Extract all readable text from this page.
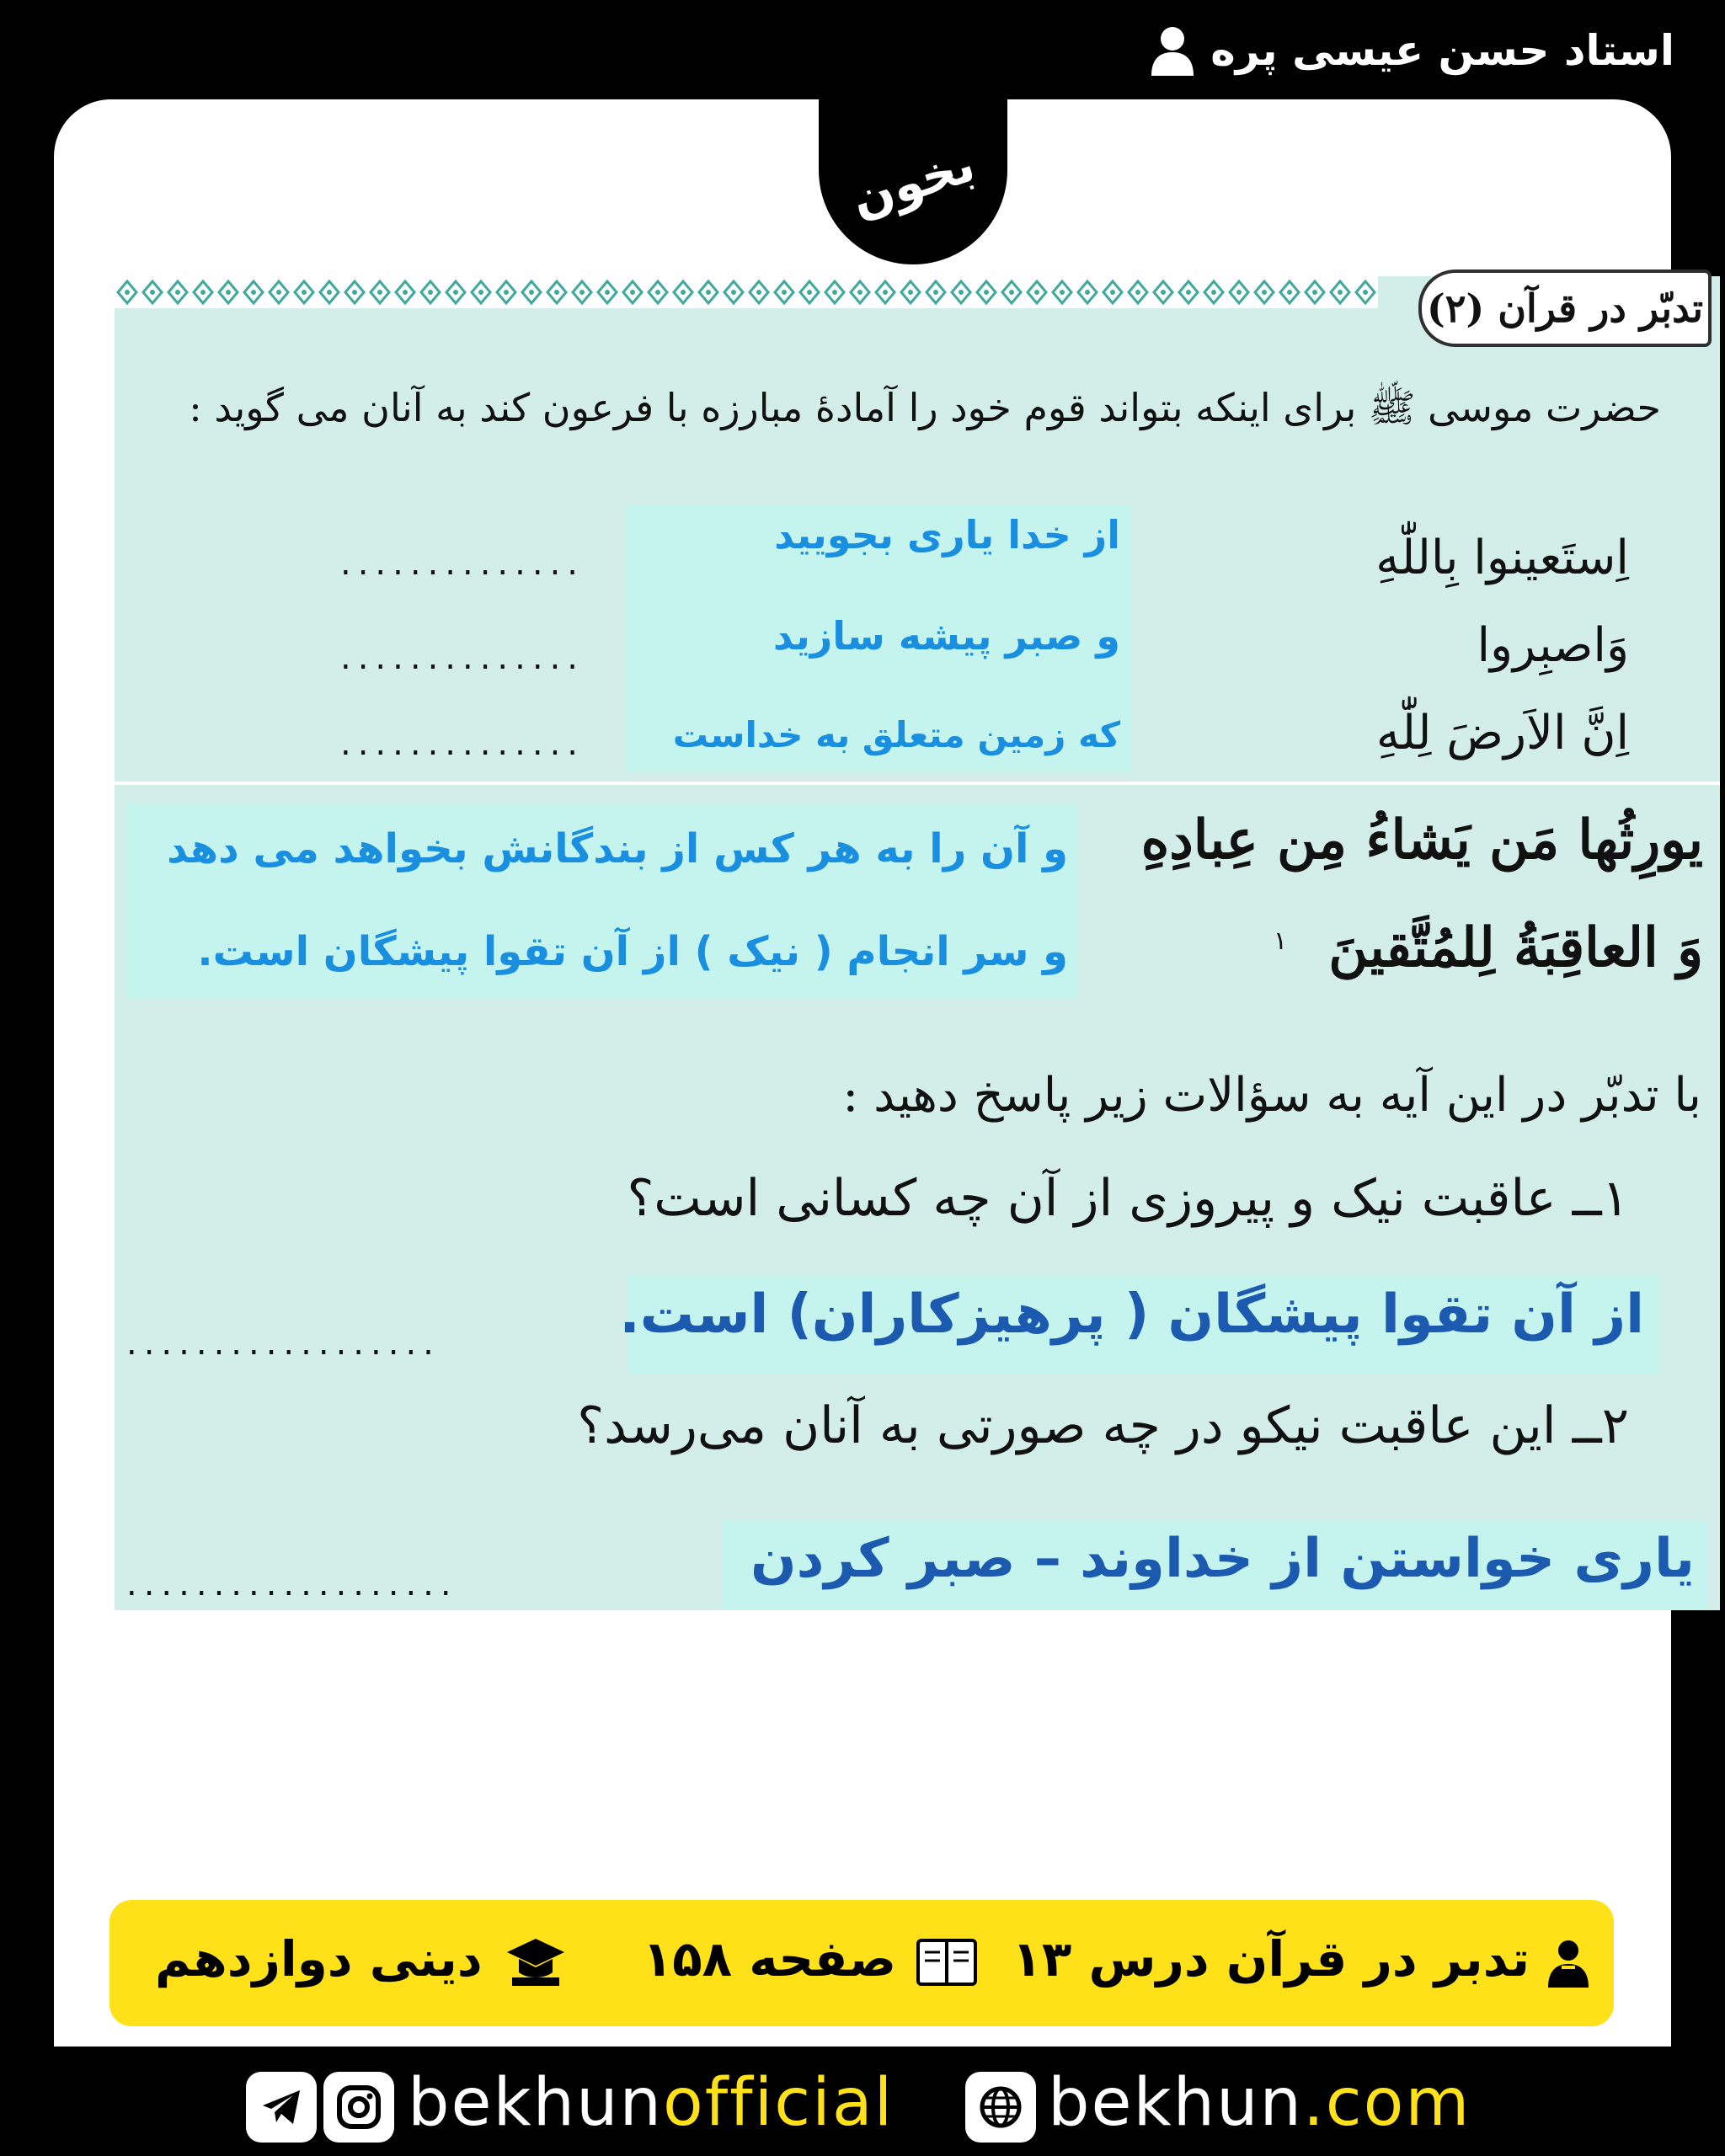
استاد حسن عیسی پره
بخون
تدبّر در قرآن (۲)
حضرت موسی ﷺ برای اینکه بتواند قوم خود را آمادهٔ مبارزه با فرعون کند به آنان می گوید :
اِستَعینوا بِاللّٰهِ
از خدا یاری بجویید
..............
وَاصبِروا
و صبر پیشه سازید
..............
اِنَّ الاَرضَ لِلّٰهِ
که زمین متعلق به خداست
..............
یورِثُها مَن یَشاءُ مِن عِبادِهِ
وَ العاقِبَةُ لِلمُتَّقینَ
۱
و آن را به هر کس از بندگانش بخواهد می دهد
و سر انجام ( نیک ) از آن تقوا پیشگان است.
با تدبّر در این آیه به سؤالات زیر پاسخ دهید :
۱ــ عاقبت نیک و پیروزی از آن چه کسانی است؟
از آن تقوا پیشگان ( پرهیزکاران) است.
..................
۲ــ این عاقبت نیکو در چه صورتی به آنان می‌رسد؟
یاری خواستن از خداوند – صبر کردن
...................
تدبر در قرآن درس ۱۳
صفحه ۱۵۸
دینی دوازدهم
bekhunofficial bekhun.com
